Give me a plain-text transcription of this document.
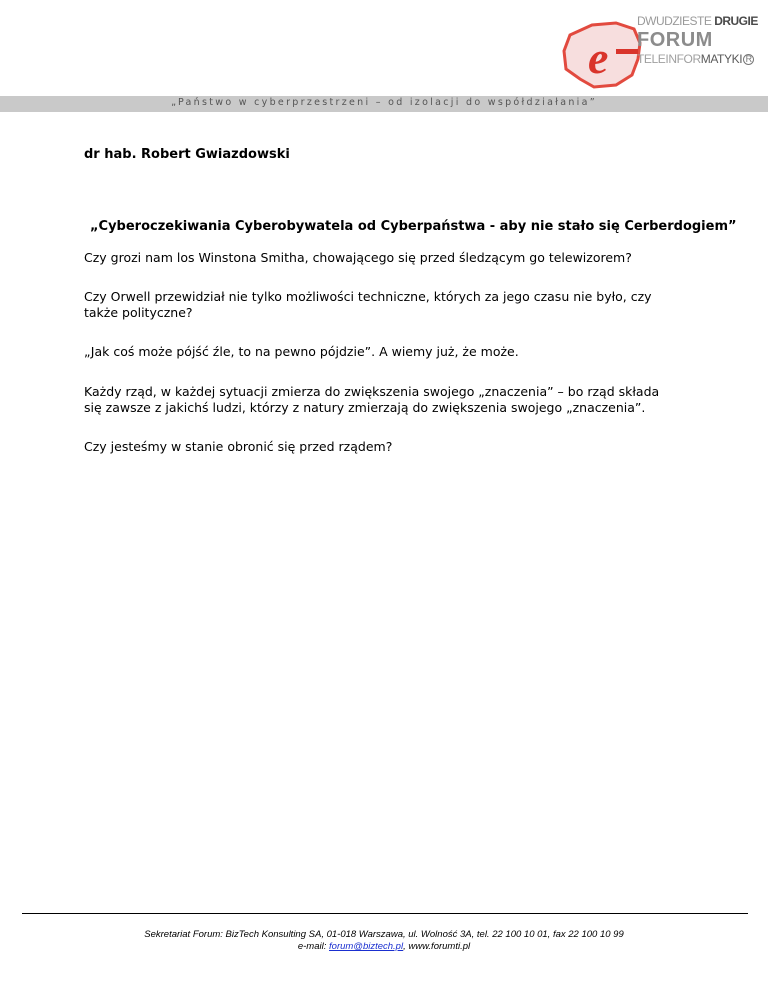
e
DWUDZIESTE DRUGIE
FORUM
TELEINFORMATYKI R
„Państwo w cyberprzestrzeni – od izolacji do współdziałania”
dr hab. Robert Gwiazdowski
„Cyberoczekiwania Cyberobywatela od Cyberpaństwa - aby nie stało się Cerberdogiem”
Czy grozi nam los Winstona Smitha, chowającego się przed śledzącym go telewizorem?
Czy Orwell przewidział nie tylko możliwości techniczne, których za jego czasu nie było, czy także polityczne?
„Jak coś może pójść źle, to na pewno pójdzie”. A wiemy już, że może.
Każdy rząd, w każdej sytuacji zmierza do zwiększenia swojego „znaczenia” – bo rząd składa się zawsze z jakichś ludzi, którzy z natury zmierzają do zwiększenia swojego „znaczenia”.
Czy jesteśmy w stanie obronić się przed rządem?
Sekretariat Forum: BizTech Konsulting SA, 01-018 Warszawa, ul. Wolność 3A, tel. 22 100 10 01, fax 22 100 10 99
e-mail: forum@biztech.pl, www.forumti.pl
